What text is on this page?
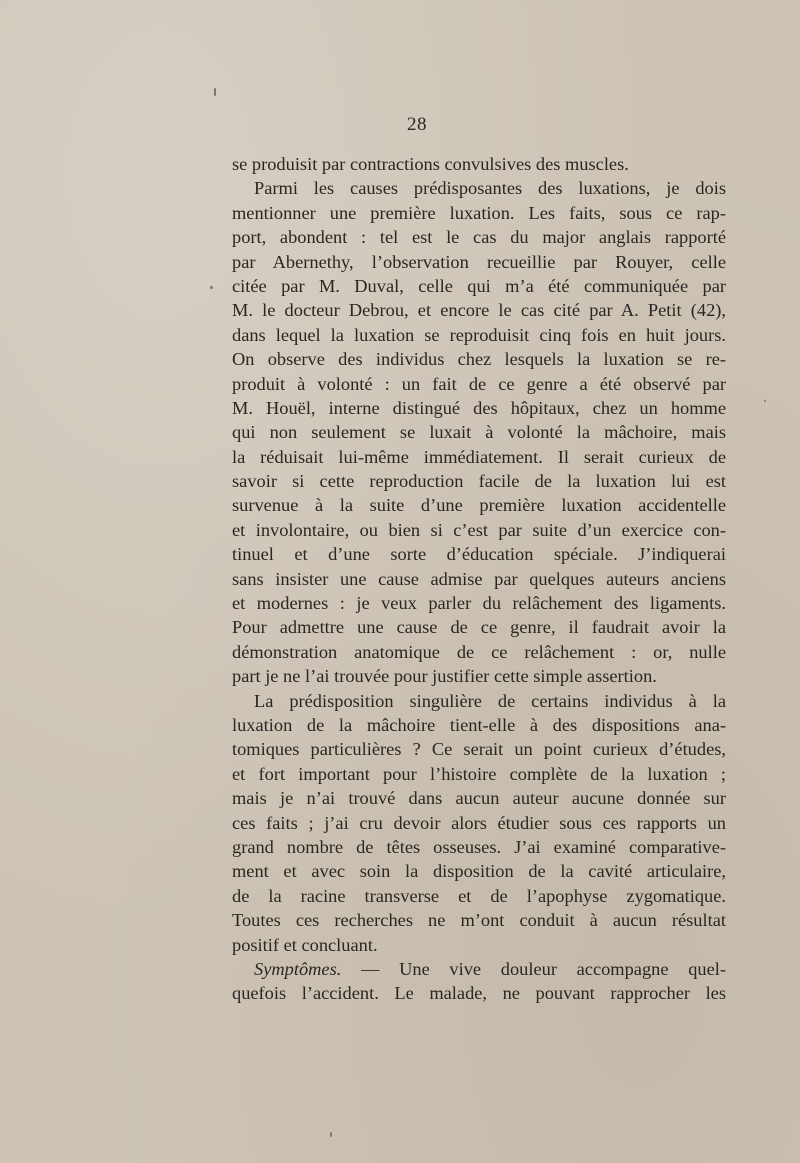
28
se produisit par contractions convulsives des muscles.
Parmi les causes prédisposantes des luxations, je dois
mentionner une première luxation. Les faits, sous ce rap-
port, abondent : tel est le cas du major anglais rapporté
par Abernethy, l’observation recueillie par Rouyer, celle
citée par M. Duval, celle qui m’a été communiquée par
M. le docteur Debrou, et encore le cas cité par A. Petit (42),
dans lequel la luxation se reproduisit cinq fois en huit jours.
On observe des individus chez lesquels la luxation se re-
produit à volonté : un fait de ce genre a été observé par
M. Houël, interne distingué des hôpitaux, chez un homme
qui non seulement se luxait à volonté la mâchoire, mais
la réduisait lui-même immédiatement. Il serait curieux de
savoir si cette reproduction facile de la luxation lui est
survenue à la suite d’une première luxation accidentelle
et involontaire, ou bien si c’est par suite d’un exercice con-
tinuel et d’une sorte d’éducation spéciale. J’indiquerai
sans insister une cause admise par quelques auteurs anciens
et modernes : je veux parler du relâchement des ligaments.
Pour admettre une cause de ce genre, il faudrait avoir la
démonstration anatomique de ce relâchement : or, nulle
part je ne l’ai trouvée pour justifier cette simple assertion.
La prédisposition singulière de certains individus à la
luxation de la mâchoire tient-elle à des dispositions ana-
tomiques particulières ? Ce serait un point curieux d’études,
et fort important pour l’histoire complète de la luxation ;
mais je n’ai trouvé dans aucun auteur aucune donnée sur
ces faits ; j’ai cru devoir alors étudier sous ces rapports un
grand nombre de têtes osseuses. J’ai examiné comparative-
ment et avec soin la disposition de la cavité articulaire,
de la racine transverse et de l’apophyse zygomatique.
Toutes ces recherches ne m’ont conduit à aucun résultat
positif et concluant.
Symptômes. — Une vive douleur accompagne quel-
quefois l’accident. Le malade, ne pouvant rapprocher les
